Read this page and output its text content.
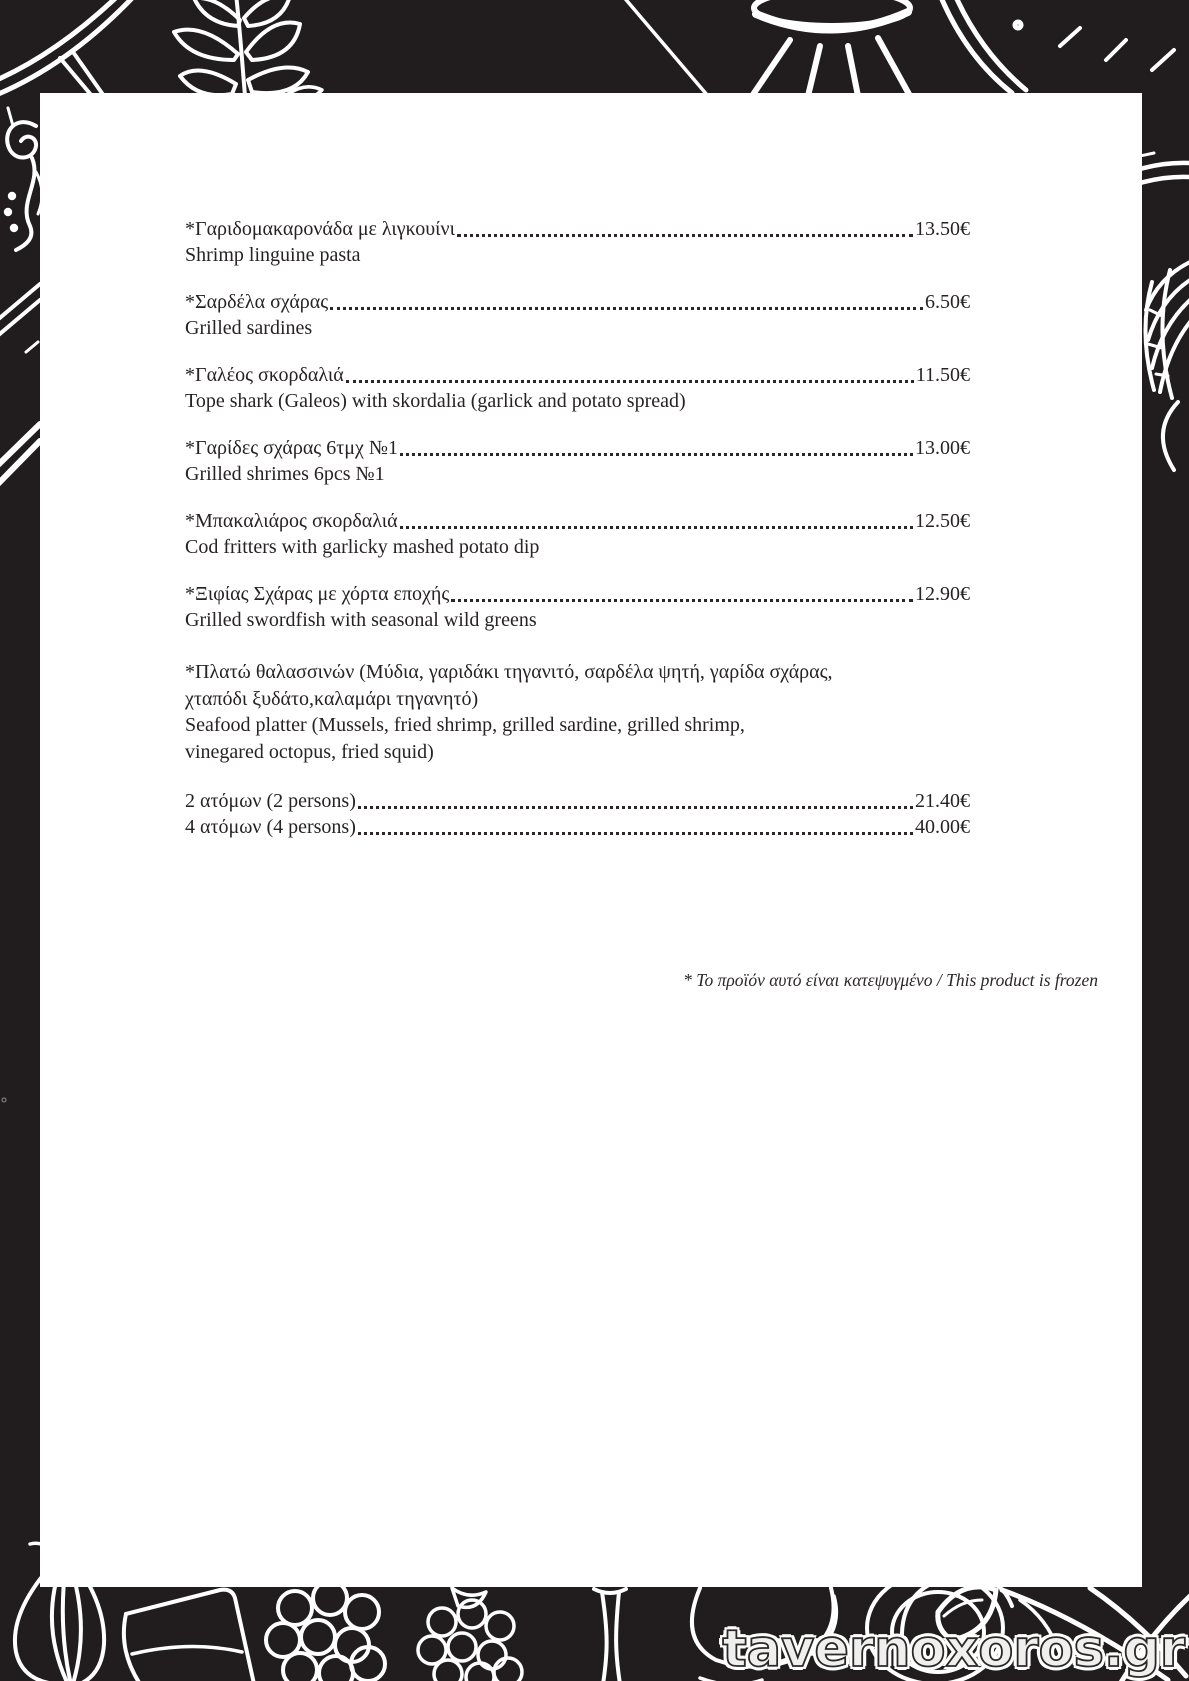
*Γαριδομακαρονάδα με λιγκουίνι	13.50€
Shrimp linguine pasta
*Σαρδέλα σχάρας	6.50€
Grilled sardines
*Γαλέος σκορδαλιά	11.50€
Tope shark (Galeos) with skordalia (garlick and potato spread)
*Γαρίδες σχάρας 6τμχ №1	13.00€
Grilled shrimes 6pcs №1
*Μπακαλιάρος σκορδαλιά	12.50€
Cod fritters with garlicky mashed potato dip
*Ξιφίας Σχάρας με χόρτα εποχής	12.90€
Grilled swordfish with seasonal wild greens
*Πλατώ θαλασσινών (Μύδια, γαριδάκι τηγανιτό, σαρδέλα ψητή, γαρίδα σχάρας,
χταπόδι ξυδάτο,καλαμάρι τηγανητό)
Seafood platter (Mussels, fried shrimp, grilled sardine, grilled shrimp,
vinegared octopus, fried squid)
2 ατόμων (2 persons)	21.40€
4 ατόμων (4 persons)	40.00€
* Το προϊόν αυτό είναι κατεψυγμένο / This product is frozen
tavernoxoros.gr
